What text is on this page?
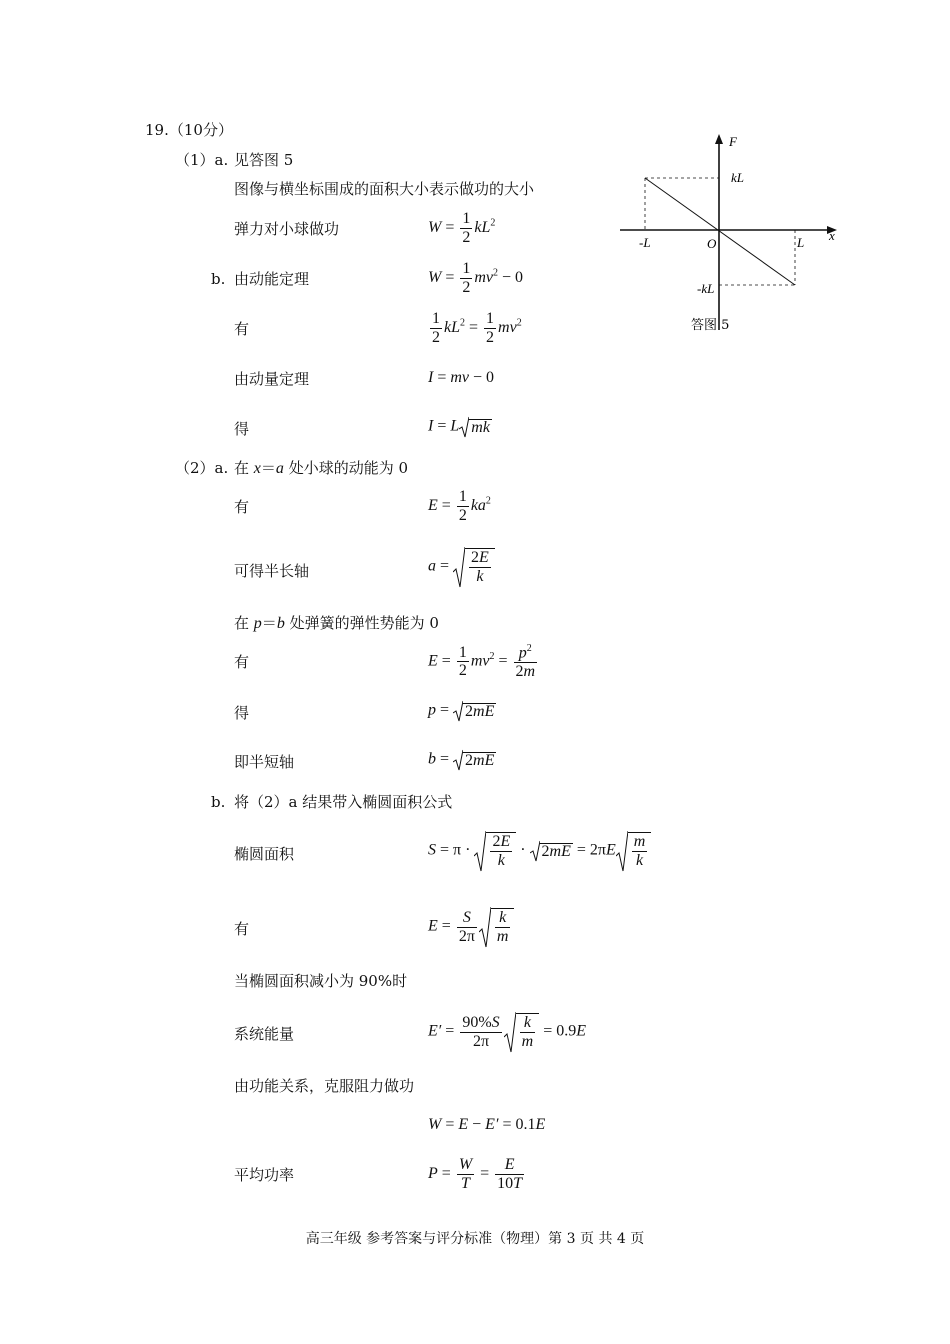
19.（10分）
（1）a. 见答图 5
图像与横坐标围成的面积大小表示做功的大小
弹力对小球做功	$W = \frac{1}{2} kL^2$
b. 由动能定理	$W = \frac{1}{2} mv^2 - 0$
有	$\frac{1}{2} kL^2 = \frac{1}{2} mv^2$
由动量定理	I = mv − 0
得	I = L mk
（2）a. 在 x＝a 处小球的动能为 0
有	$E = \frac{1}{2} ka^2$
可得半长轴	$a = \frac{2E}{k}$
在 p＝b 处弹簧的弹性势能为 0
有	$E = \frac{1}{2} mv^2 = \frac{p^2}{2m}$
得	p = 2mE
即半短轴	b = 2mE
b. 将（2）a 结果带入椭圆面积公式
椭圆面积	$S = \pi \cdot \frac{2E}{k} \cdot 2mE = 2\pi E \frac{m}{k}$
有	$E = \frac{S}{2\pi} \frac{k}{m}$
当椭圆面积减小为 90%时
系统能量	$E' = \frac{90\%S}{2\pi} \frac{k}{m} = 0.9E$
由功能关系，克服阻力做功
W = E − E′ = 0.1E
平均功率	$P = \frac{W}{T} = \frac{E}{10T}$
F
x
O
kL
-kL
L
-L
答图 5
高三年级 参考答案与评分标准（物理）第 3 页 共 4 页
